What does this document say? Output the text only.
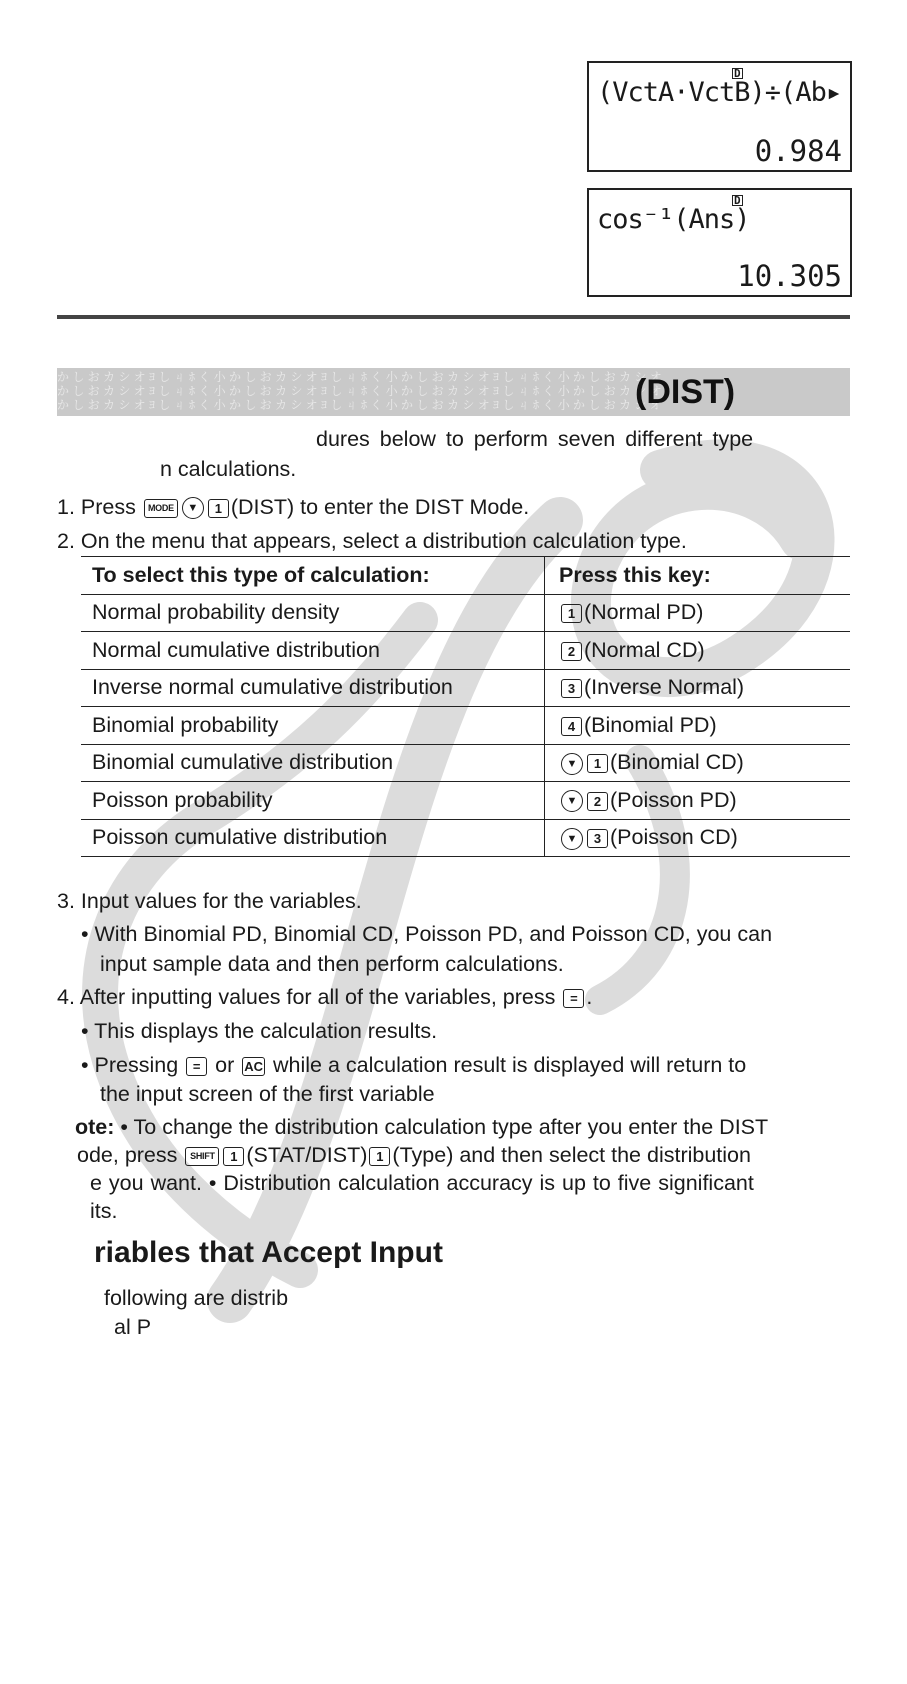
D
(VctA·VctB)÷(Ab▸
0.984
D
cos⁻¹(Ans)
10.305
か し お カ シ オ ﾖ し ㄐ ﾎ く 小 か し お カ シ オ ﾖ し ㄐ ﾎ く 小 か し お カ シ オ ﾖ し ㄐ ﾎ く 小 か し お カ シ オ
か し お カ シ オ ﾖ し ㄐ ﾎ く 小 か し お カ シ オ ﾖ し ㄐ ﾎ く 小 か し お カ シ オ ﾖ し ㄐ ﾎ く 小 か し お カ シ オ
か し お カ シ オ ﾖ し ㄐ ﾎ く 小 か し お カ シ オ ﾖ し ㄐ ﾎ く 小 か し お カ シ オ ﾖ し ㄐ ﾎ く 小 か し お カ シ オ
(DIST)
dures below to perform seven different type
n calculations.
1. Press MODE ▼ 1 (DIST) to enter the DIST Mode.
2. On the menu that appears, select a distribution calculation type.
To select this type of calculation:	Press this key:
Normal probability density	1 (Normal PD)
Normal cumulative distribution	2 (Normal CD)
Inverse normal cumulative distribution	3 (Inverse Normal)
Binomial probability	4 (Binomial PD)
Binomial cumulative distribution	▼ 1 (Binomial CD)
Poisson probability	▼ 2 (Poisson PD)
Poisson cumulative distribution	▼ 3 (Poisson CD)
3. Input values for the variables.
• With Binomial PD, Binomial CD, Poisson PD, and Poisson CD, you can
input sample data and then perform calculations.
4. After inputting values for all of the variables, press = .
• This displays the calculation results.
• Pressing = or AC while a calculation result is displayed will return to
the input screen of the first variable
ote: • To change the distribution calculation type after you enter the DIST
ode, press SHIFT 1 (STAT/DIST) 1 (Type) and then select the distribution
e you want. • Distribution calculation accuracy is up to five significant
its.
riables that Accept Input
following are distrib
al P
